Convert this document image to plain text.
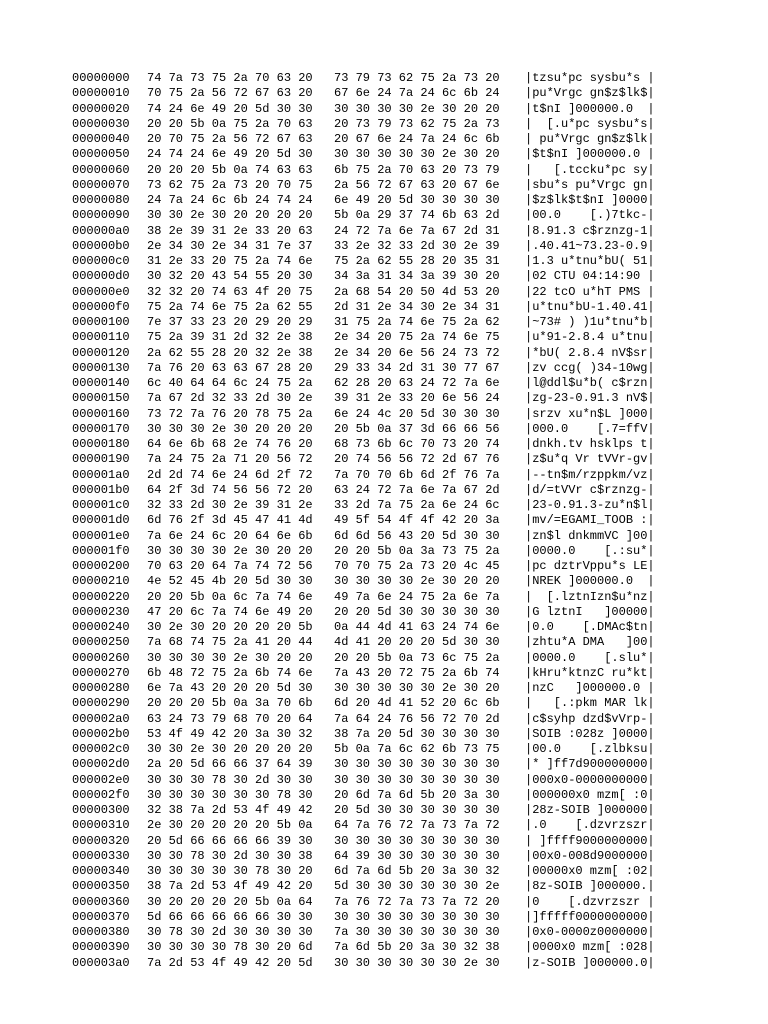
00000000 74 7a 73 75 2a 70 63 20 73 79 73 62 75 2a 73 20 |tzsu*pc sysbu*s |
00000010 70 75 2a 56 72 67 63 20 67 6e 24 7a 24 6c 6b 24 |pu*Vrgc gn$z$lk$|
00000020 74 24 6e 49 20 5d 30 30 30 30 30 30 2e 30 20 20 |t$nI ]000000.0  |
00000030 20 20 5b 0a 75 2a 70 63 20 73 79 73 62 75 2a 73 |  [.u*pc sysbu*s|
00000040 20 70 75 2a 56 72 67 63 20 67 6e 24 7a 24 6c 6b | pu*Vrgc gn$z$lk|
00000050 24 74 24 6e 49 20 5d 30 30 30 30 30 30 2e 30 20 |$t$nI ]000000.0 |
00000060 20 20 20 5b 0a 74 63 63 6b 75 2a 70 63 20 73 79 |   [.tccku*pc sy|
00000070 73 62 75 2a 73 20 70 75 2a 56 72 67 63 20 67 6e |sbu*s pu*Vrgc gn|
00000080 24 7a 24 6c 6b 24 74 24 6e 49 20 5d 30 30 30 30 |$z$lk$t$nI ]0000|
00000090 30 30 2e 30 20 20 20 20 5b 0a 29 37 74 6b 63 2d |00.0    [.)7tkc-|
000000a0 38 2e 39 31 2e 33 20 63 24 72 7a 6e 7a 67 2d 31 |8.91.3 c$rznzg-1|
000000b0 2e 34 30 2e 34 31 7e 37 33 2e 32 33 2d 30 2e 39 |.40.41~73.23-0.9|
000000c0 31 2e 33 20 75 2a 74 6e 75 2a 62 55 28 20 35 31 |1.3 u*tnu*bU( 51|
000000d0 30 32 20 43 54 55 20 30 34 3a 31 34 3a 39 30 20 |02 CTU 04:14:90 |
000000e0 32 32 20 74 63 4f 20 75 2a 68 54 20 50 4d 53 20 |22 tcO u*hT PMS |
000000f0 75 2a 74 6e 75 2a 62 55 2d 31 2e 34 30 2e 34 31 |u*tnu*bU-1.40.41|
00000100 7e 37 33 23 20 29 20 29 31 75 2a 74 6e 75 2a 62 |~73# ) )1u*tnu*b|
00000110 75 2a 39 31 2d 32 2e 38 2e 34 20 75 2a 74 6e 75 |u*91-2.8.4 u*tnu|
00000120 2a 62 55 28 20 32 2e 38 2e 34 20 6e 56 24 73 72 |*bU( 2.8.4 nV$sr|
00000130 7a 76 20 63 63 67 28 20 29 33 34 2d 31 30 77 67 |zv ccg( )34-10wg|
00000140 6c 40 64 64 6c 24 75 2a 62 28 20 63 24 72 7a 6e |l@ddl$u*b( c$rzn|
00000150 7a 67 2d 32 33 2d 30 2e 39 31 2e 33 20 6e 56 24 |zg-23-0.91.3 nV$|
00000160 73 72 7a 76 20 78 75 2a 6e 24 4c 20 5d 30 30 30 |srzv xu*n$L ]000|
00000170 30 30 30 2e 30 20 20 20 20 5b 0a 37 3d 66 66 56 |000.0    [.7=ffV|
00000180 64 6e 6b 68 2e 74 76 20 68 73 6b 6c 70 73 20 74 |dnkh.tv hsklps t|
00000190 7a 24 75 2a 71 20 56 72 20 74 56 56 72 2d 67 76 |z$u*q Vr tVVr-gv|
000001a0 2d 2d 74 6e 24 6d 2f 72 7a 70 70 6b 6d 2f 76 7a |--tn$m/rzppkm/vz|
000001b0 64 2f 3d 74 56 56 72 20 63 24 72 7a 6e 7a 67 2d |d/=tVVr c$rznzg-|
000001c0 32 33 2d 30 2e 39 31 2e 33 2d 7a 75 2a 6e 24 6c |23-0.91.3-zu*n$l|
000001d0 6d 76 2f 3d 45 47 41 4d 49 5f 54 4f 4f 42 20 3a |mv/=EGAMI_TOOB :|
000001e0 7a 6e 24 6c 20 64 6e 6b 6d 6d 56 43 20 5d 30 30 |zn$l dnkmmVC ]00|
000001f0 30 30 30 30 2e 30 20 20 20 20 5b 0a 3a 73 75 2a |0000.0    [.:su*|
00000200 70 63 20 64 7a 74 72 56 70 70 75 2a 73 20 4c 45 |pc dztrVppu*s LE|
00000210 4e 52 45 4b 20 5d 30 30 30 30 30 30 2e 30 20 20 |NREK ]000000.0  |
00000220 20 20 5b 0a 6c 7a 74 6e 49 7a 6e 24 75 2a 6e 7a |  [.lztnIzn$u*nz|
00000230 47 20 6c 7a 74 6e 49 20 20 20 5d 30 30 30 30 30 |G lztnI   ]00000|
00000240 30 2e 30 20 20 20 20 5b 0a 44 4d 41 63 24 74 6e |0.0    [.DMAc$tn|
00000250 7a 68 74 75 2a 41 20 44 4d 41 20 20 20 5d 30 30 |zhtu*A DMA   ]00|
00000260 30 30 30 30 2e 30 20 20 20 20 5b 0a 73 6c 75 2a |0000.0    [.slu*|
00000270 6b 48 72 75 2a 6b 74 6e 7a 43 20 72 75 2a 6b 74 |kHru*ktnzC ru*kt|
00000280 6e 7a 43 20 20 20 5d 30 30 30 30 30 30 2e 30 20 |nzC   ]000000.0 |
00000290 20 20 20 5b 0a 3a 70 6b 6d 20 4d 41 52 20 6c 6b |   [.:pkm MAR lk|
000002a0 63 24 73 79 68 70 20 64 7a 64 24 76 56 72 70 2d |c$syhp dzd$vVrp-|
000002b0 53 4f 49 42 20 3a 30 32 38 7a 20 5d 30 30 30 30 |SOIB :028z ]0000|
000002c0 30 30 2e 30 20 20 20 20 5b 0a 7a 6c 62 6b 73 75 |00.0    [.zlbksu|
000002d0 2a 20 5d 66 66 37 64 39 30 30 30 30 30 30 30 30 |* ]ff7d900000000|
000002e0 30 30 30 78 30 2d 30 30 30 30 30 30 30 30 30 30 |000x0-0000000000|
000002f0 30 30 30 30 30 30 78 30 20 6d 7a 6d 5b 20 3a 30 |000000x0 mzm[ :0|
00000300 32 38 7a 2d 53 4f 49 42 20 5d 30 30 30 30 30 30 |28z-SOIB ]000000|
00000310 2e 30 20 20 20 20 5b 0a 64 7a 76 72 7a 73 7a 72 |.0    [.dzvrzszr|
00000320 20 5d 66 66 66 66 39 30 30 30 30 30 30 30 30 30 | ]ffff9000000000|
00000330 30 30 78 30 2d 30 30 38 64 39 30 30 30 30 30 30 |00x0-008d9000000|
00000340 30 30 30 30 30 78 30 20 6d 7a 6d 5b 20 3a 30 32 |00000x0 mzm[ :02|
00000350 38 7a 2d 53 4f 49 42 20 5d 30 30 30 30 30 30 2e |8z-SOIB ]000000.|
00000360 30 20 20 20 20 5b 0a 64 7a 76 72 7a 73 7a 72 20 |0    [.dzvrzszr |
00000370 5d 66 66 66 66 66 30 30 30 30 30 30 30 30 30 30 |]fffff0000000000|
00000380 30 78 30 2d 30 30 30 30 7a 30 30 30 30 30 30 30 |0x0-0000z0000000|
00000390 30 30 30 30 78 30 20 6d 7a 6d 5b 20 3a 30 32 38 |0000x0 mzm[ :028|
000003a0 7a 2d 53 4f 49 42 20 5d 30 30 30 30 30 30 2e 30 |z-SOIB ]000000.0|
